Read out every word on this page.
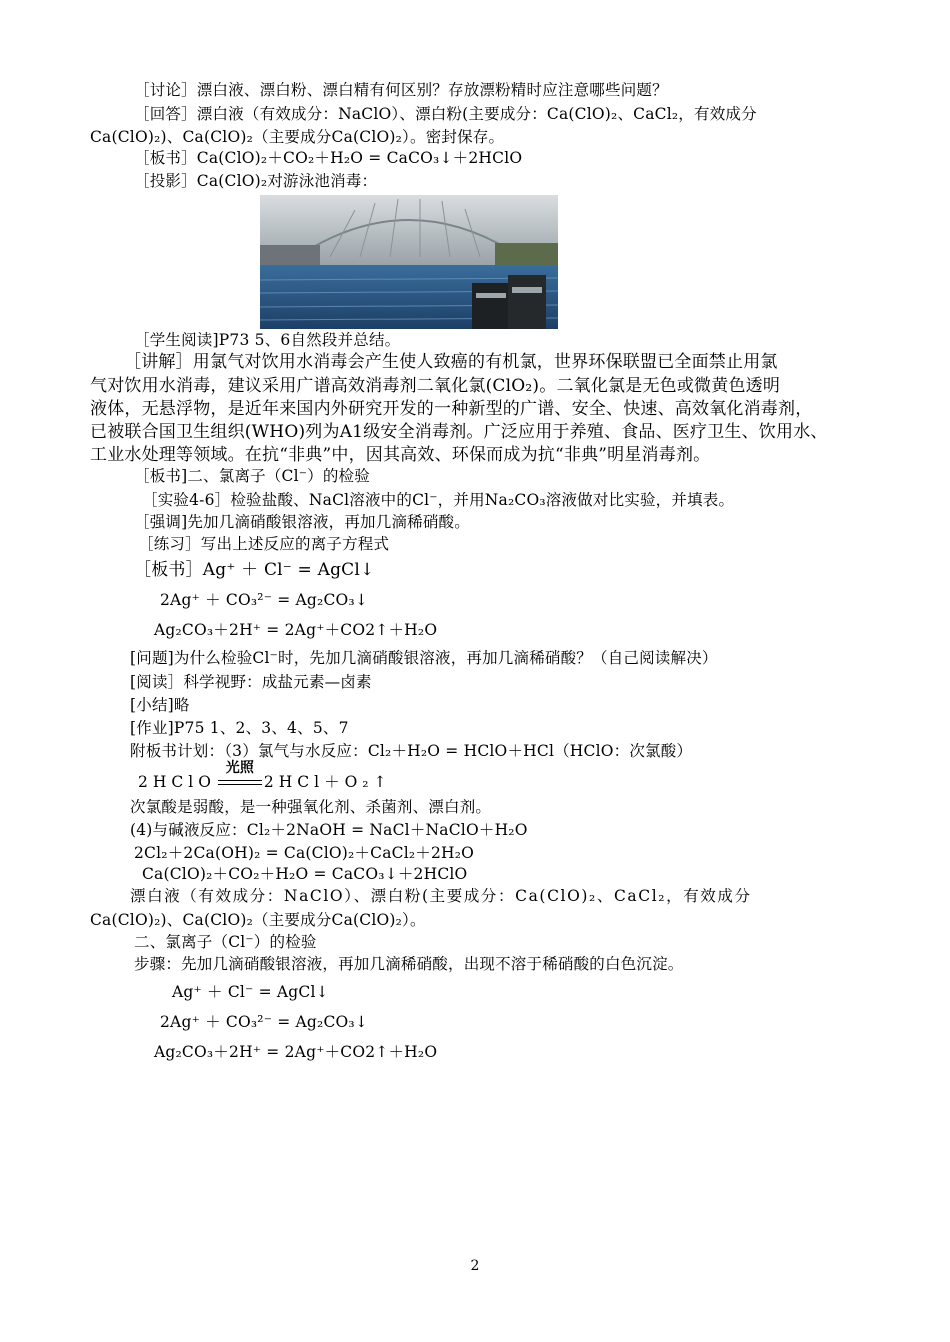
［讨论］漂白液、漂白粉、漂白精有何区别？存放漂粉精时应注意哪些问题？
［回答］漂白液（有效成分：NaClO）、漂白粉(主要成分：Ca(ClO)₂、CaCl₂，有效成分
Ca(ClO)₂)、Ca(ClO)₂（主要成分Ca(ClO)₂）。密封保存。
［板书］Ca(ClO)₂＋CO₂＋H₂O = CaCO₃↓＋2HClO
［投影］Ca(ClO)₂对游泳池消毒：
［学生阅读]P73 5、6自然段并总结。
［讲解］用氯气对饮用水消毒会产生使人致癌的有机氯，世界环保联盟已全面禁止用氯
气对饮用水消毒，建议采用广谱高效消毒剂二氧化氯(ClO₂)。二氧化氯是无色或微黄色透明
液体，无悬浮物，是近年来国内外研究开发的一种新型的广谱、安全、快速、高效氧化消毒剂，
已被联合国卫生组织(WHO)列为A1级安全消毒剂。广泛应用于养殖、食品、医疗卫生、饮用水、
工业水处理等领域。在抗“非典”中，因其高效、环保而成为抗“非典”明星消毒剂。
［板书]二、氯离子（Cl⁻）的检验
［实验4-6］检验盐酸、NaCl溶液中的Cl⁻，并用Na₂CO₃溶液做对比实验，并填表。
［强调]先加几滴硝酸银溶液，再加几滴稀硝酸。
［练习］写出上述反应的离子方程式
［板书］Ag⁺ ＋ Cl⁻ = AgCl↓
2Ag⁺ ＋ CO₃²⁻ = Ag₂CO₃↓
Ag₂CO₃＋2H⁺ = 2Ag⁺＋CO2↑＋H₂O
[问题]为什么检验Cl⁻时，先加几滴硝酸银溶液，再加几滴稀硝酸？（自己阅读解决）
[阅读］科学视野：成盐元素—卤素
[小结]略
[作业]P75 1、2、3、4、5、7
附板书计划：（3）氯气与水反应：Cl₂＋H₂O = HClO＋HCl（HClO：次氯酸）
2HClO
光照
2HCl＋O₂↑
次氯酸是弱酸，是一种强氧化剂、杀菌剂、漂白剂。
(4)与碱液反应：Cl₂＋2NaOH = NaCl＋NaClO＋H₂O
2Cl₂＋2Ca(OH)₂ = Ca(ClO)₂＋CaCl₂＋2H₂O
Ca(ClO)₂＋CO₂＋H₂O = CaCO₃↓＋2HClO
漂白液（有效成分：NaClO）、漂白粉(主要成分：Ca(ClO)₂、CaCl₂，有效成分
Ca(ClO)₂)、Ca(ClO)₂（主要成分Ca(ClO)₂）。
二、氯离子（Cl⁻）的检验
步骤：先加几滴硝酸银溶液，再加几滴稀硝酸，出现不溶于稀硝酸的白色沉淀。
Ag⁺ ＋ Cl⁻ = AgCl↓
2Ag⁺ ＋ CO₃²⁻ = Ag₂CO₃↓
Ag₂CO₃＋2H⁺ = 2Ag⁺＋CO2↑＋H₂O
2
